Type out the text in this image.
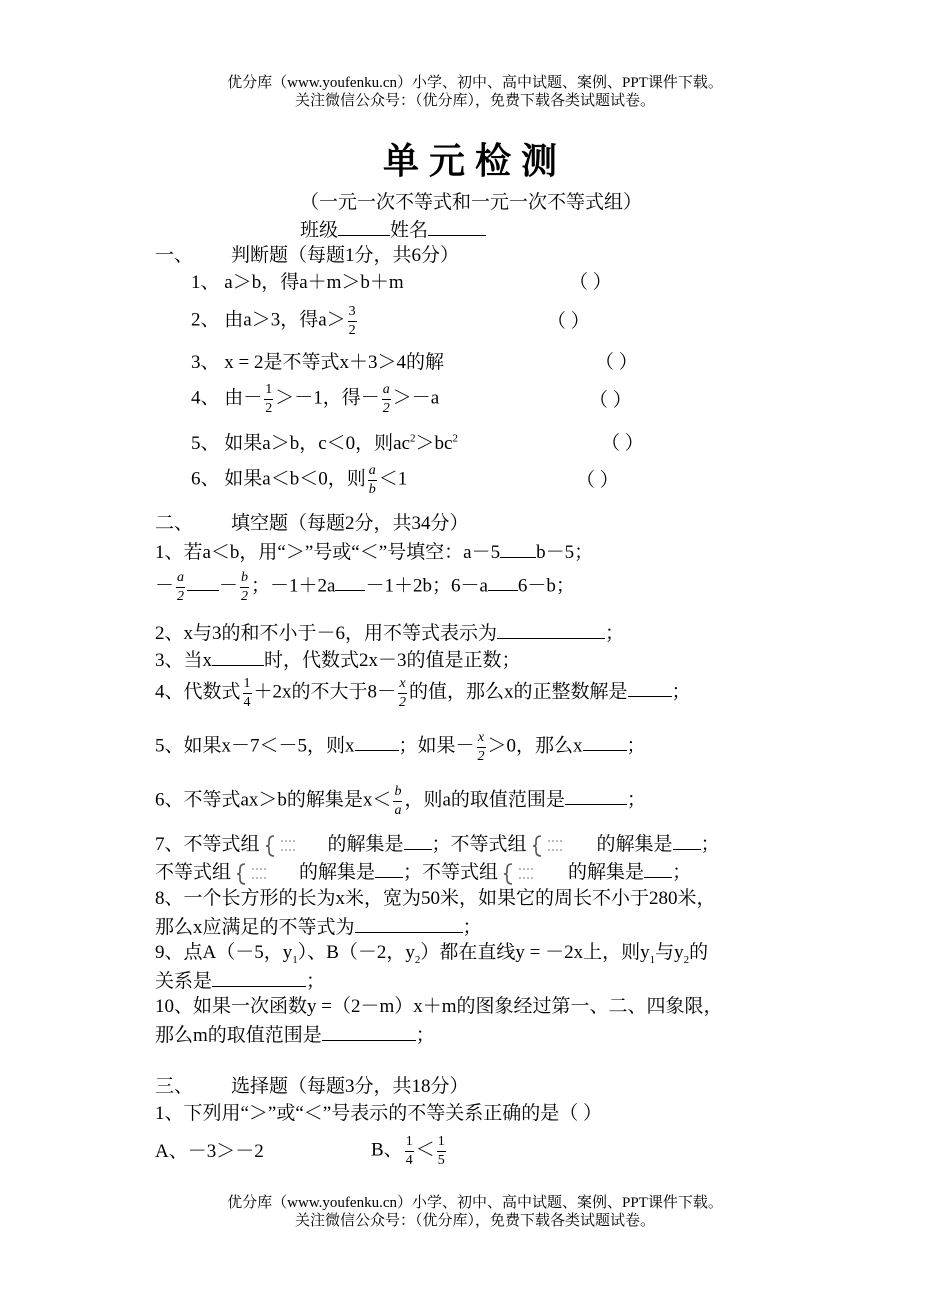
优分库（www.youfenku.cn）小学、初中、高中试题、案例、PPT课件下载。
关注微信公众号：（优分库），免费下载各类试题试卷。
单元检测
（一元一次不等式和一元一次不等式组）
班级	姓名
一、 判断题（每题1分，共6分）
1、 a＞b，得a＋m＞b＋m	（ ）
2、 由a＞3，得$a> \frac{3}{2}$	（ ）
3、 x = 2是不等式x＋3＞4的解	（ ）
4、 由－ $\frac{1}{2} >-1$，得－ $\frac{a}{2} >-a$	（ ）
5、 如果a＞b，c＜0，则$ac^2>bc^2$	（ ）
6、 如果a＜b＜0，则 $\frac{a}{b} <1$	（ ）
二、 填空题（每题2分，共34分）
1、若a＜b，用“＞”号或“＜”号填空：a－5 b－5；
－ $\frac{a}{2} - \frac{b}{2}$ ；－1＋2a －1＋2b；6－a 6－b；
2、x与3的和不小于－6，用不等式表示为	；
3、当x	时，代数式2x－3的值是正数；
4、代数式 $\frac{1}{4} +2x$的不大于$8- \frac{x}{2}$ 的值，那么x的正整数解是 ；
5、如果x－7＜－5，则x ；如果－ $\frac{x}{2} >0$，那么x ；
6、不等式ax＞b的解集是$x< \frac{b}{a}$ ，则a的取值范围是	；
7、不等式组	的解集是 ；不等式组	的解集是 ；
不等式组	的解集是 ；不等式组	的解集是 ；
8、一个长方形的长为x米，宽为50米，如果它的周长不小于280米，
那么x应满足的不等式为	；
9、点A（－5，$y_1$）、B（－2，$y_2$）都在直线y = －2x上，则$y_1$与$y_2$的
关系是	；
10、如果一次函数y =（2－m）x＋m的图象经过第一、二、四象限，
那么m的取值范围是	；
三、 选择题（每题3分，共18分）
1、下列用“＞”或“＜”号表示的不等关系正确的是（ ）
A、－3＞－2	B、 $\frac{1}{4} < \frac{1}{5}$
优分库（www.youfenku.cn）小学、初中、高中试题、案例、PPT课件下载。
关注微信公众号：（优分库），免费下载各类试题试卷。
